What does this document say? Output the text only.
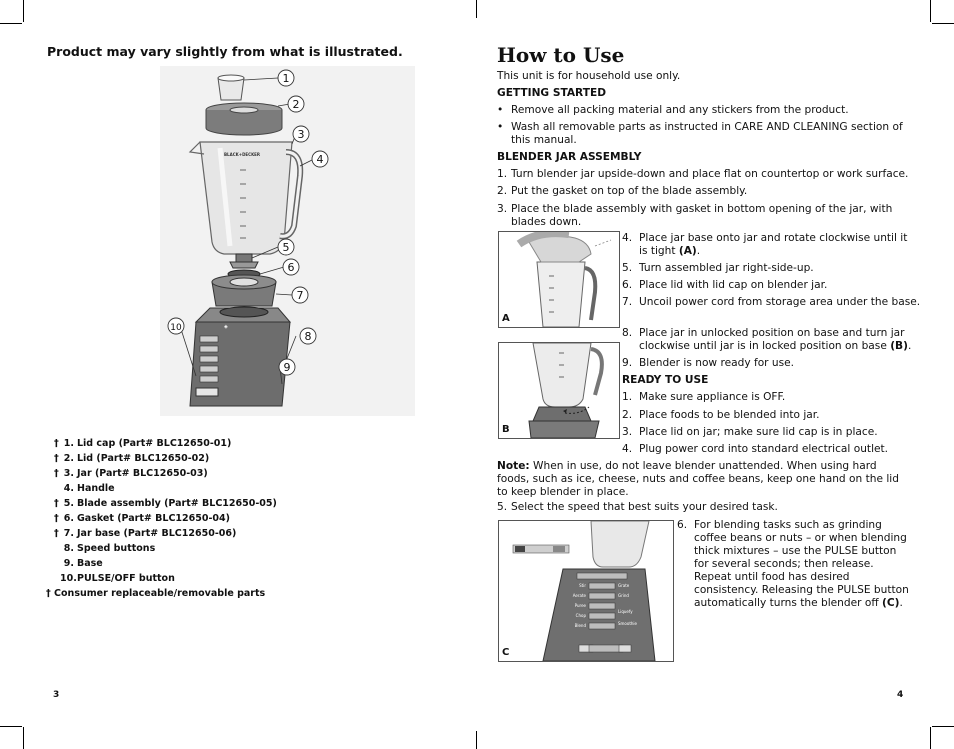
Product may vary slightly from what is illustrated.
BLACK+DECKER
◈
1
2
3
4
5
6
7
8
9
10
† 1. Lid cap (Part# BLC12650-01)
† 2. Lid (Part# BLC12650-02)
† 3. Jar (Part# BLC12650-03)
4. Handle
† 5. Blade assembly (Part# BLC12650-05)
† 6. Gasket (Part# BLC12650-04)
† 7. Jar base (Part# BLC12650-06)
8. Speed buttons
9. Base
10. PULSE/OFF button
† Consumer replaceable/removable parts
3
How to Use
This unit is for household use only.
GETTING STARTED
• Remove all packing material and any stickers from the product.
• Wash all removable parts as instructed in CARE AND CLEANING section of this manual.
BLENDER JAR ASSEMBLY
1. Turn blender jar upside-down and place flat on countertop or work surface.
2. Put the gasket on top of the blade assembly.
3. Place the blade assembly with gasket in bottom opening of the jar, with blades down.
A
4. Place jar base onto jar and rotate clockwise until it is tight (A).
5. Turn assembled jar right-side-up.
6. Place lid with lid cap on blender jar.
7. Uncoil power cord from storage area under the base.
B
8. Place jar in unlocked position on base and turn jar clockwise until jar is in locked position on base (B).
9. Blender is now ready for use.
READY TO USE
1. Make sure appliance is OFF.
2. Place foods to be blended into jar.
3. Place lid on jar; make sure lid cap is in place.
4. Plug power cord into standard electrical outlet.
Note: When in use, do not leave blender unattended. When using hard foods, such as ice, cheese, nuts and coffee beans, keep one hand on the lid to keep blender in place.
5. Select the speed that best suits your desired task.
Stir
Aerate
Puree
Chop
Blend
Grate
Grind
Liquefy
Smoothie
C
6. For blending tasks such as grinding coffee beans or nuts – or when blending thick mixtures – use the PULSE button for several seconds; then release. Repeat until food has desired consistency. Releasing the PULSE button automatically turns the blender off (C).
4
